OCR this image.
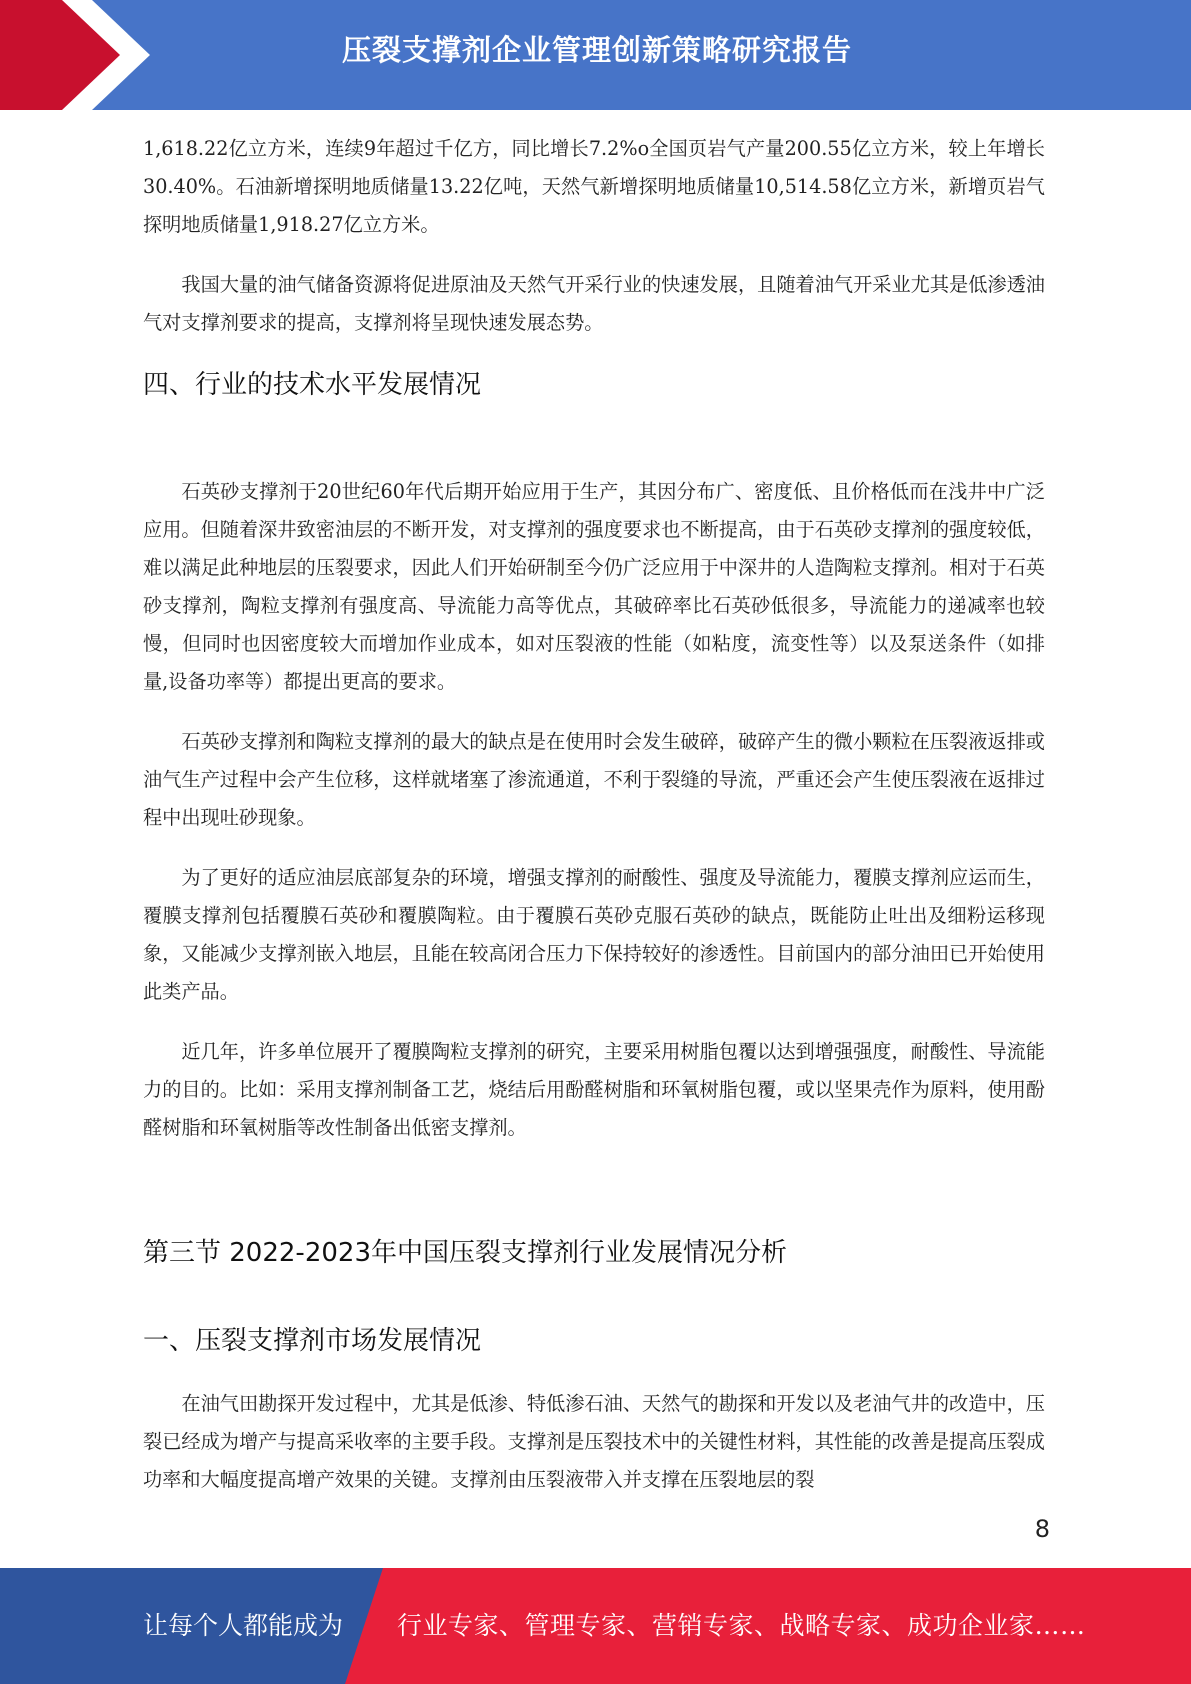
压裂支撑剂企业管理创新策略研究报告

1,618.22亿立方米，连续9年超过千亿方，同比增长7.2%o全国页岩气产量200.55亿立方米，较上年增长30.40%。石油新增探明地质储量13.22亿吨，天然气新增探明地质储量10,514.58亿立方米，新增页岩气探明地质储量1,918.27亿立方米。

我国大量的油气储备资源将促进原油及天然气开采行业的快速发展，且随着油气开采业尤其是低渗透油气对支撑剂要求的提高，支撑剂将呈现快速发展态势。

四、行业的技术水平发展情况

石英砂支撑剂于20世纪60年代后期开始应用于生产，其因分布广、密度低、且价格低而在浅井中广泛应用。但随着深井致密油层的不断开发，对支撑剂的强度要求也不断提高，由于石英砂支撑剂的强度较低，难以满足此种地层的压裂要求，因此人们开始研制至今仍广泛应用于中深井的人造陶粒支撑剂。相对于石英砂支撑剂，陶粒支撑剂有强度高、导流能力高等优点，其破碎率比石英砂低很多，导流能力的递减率也较慢，但同时也因密度较大而增加作业成本，如对压裂液的性能（如粘度，流变性等）以及泵送条件（如排量,设备功率等）都提出更高的要求。

石英砂支撑剂和陶粒支撑剂的最大的缺点是在使用时会发生破碎，破碎产生的微小颗粒在压裂液返排或油气生产过程中会产生位移，这样就堵塞了渗流通道，不利于裂缝的导流，严重还会产生使压裂液在返排过程中出现吐砂现象。

为了更好的适应油层底部复杂的环境，增强支撑剂的耐酸性、强度及导流能力，覆膜支撑剂应运而生，覆膜支撑剂包括覆膜石英砂和覆膜陶粒。由于覆膜石英砂克服石英砂的缺点，既能防止吐出及细粉运移现象，又能减少支撑剂嵌入地层，且能在较高闭合压力下保持较好的渗透性。目前国内的部分油田已开始使用此类产品。

近几年，许多单位展开了覆膜陶粒支撑剂的研究，主要采用树脂包覆以达到增强强度，耐酸性、导流能力的目的。比如：采用支撑剂制备工艺，烧结后用酚醛树脂和环氧树脂包覆，或以坚果壳作为原料，使用酚醛树脂和环氧树脂等改性制备出低密支撑剂。

第三节 2022-2023年中国压裂支撑剂行业发展情况分析
一、压裂支撑剂市场发展情况

在油气田勘探开发过程中，尤其是低渗、特低渗石油、天然气的勘探和开发以及老油气井的改造中，压裂已经成为增产与提高采收率的主要手段。支撑剂是压裂技术中的关键性材料，其性能的改善是提高压裂成功率和大幅度提高增产效果的关键。支撑剂由压裂液带入并支撑在压裂地层的裂

8
让每个人都能成为 行业专家、管理专家、营销专家、战略专家、成功企业家……
